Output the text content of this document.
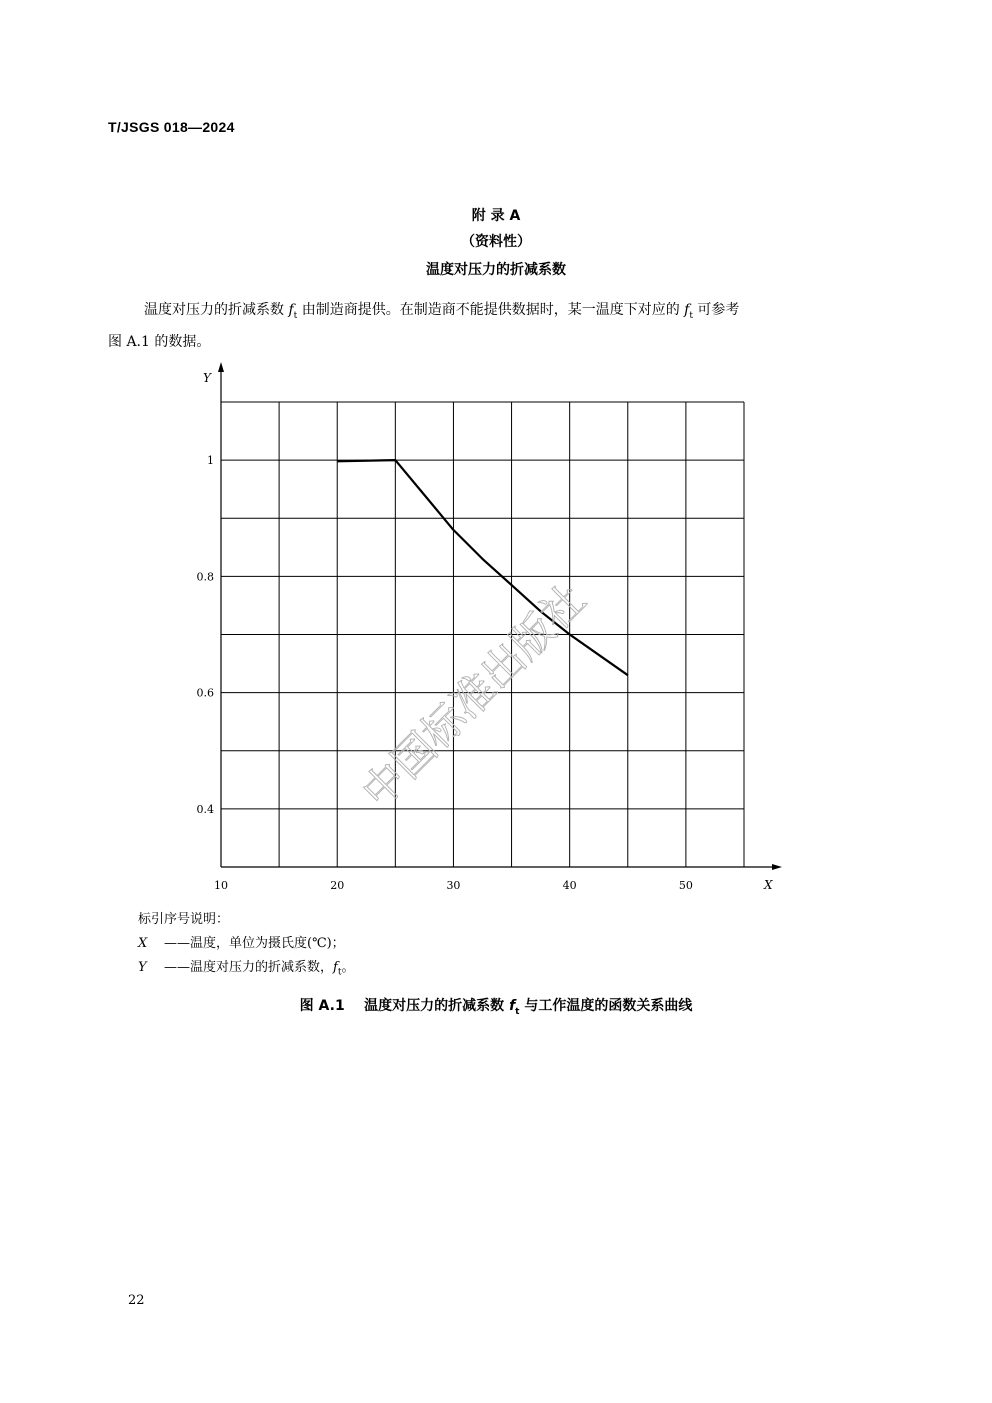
T/JSGS 018—2024
附 录 A
（资料性）
温度对压力的折减系数
温度对压力的折减系数 $f_t$ 由制造商提供。在制造商不能提供数据时，某一温度下对应的 $f_t$ 可参考
图 A.1 的数据。
X
Y
10	20	30	40	50
0.4
0.6
0.8
1
中国标准出版社
标引序号说明：
X ——温度，单位为摄氏度(℃)；
Y ——温度对压力的折减系数，$f_t$。
图 A.1    温度对压力的折减系数 $f_t$ 与工作温度的函数关系曲线
22
